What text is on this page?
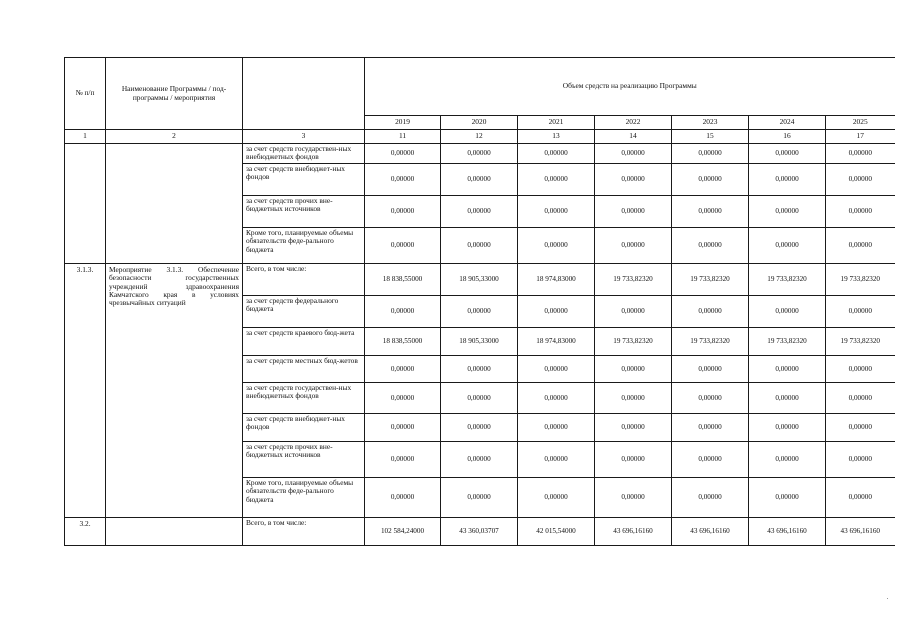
№ п/п	Наименование Программы / под-программы / мероприятия		Объем средств на реализацию Программы						
			2019	2020	2021	2022	2023	2024	2025
1	2	3	11	12	13	14	15	16	17
		за счет средств государствен-ных внебюджетных фондов	0,00000	0,00000	0,00000	0,00000	0,00000	0,00000	0,00000
		за счет средств внебюджет-ных фондов	0,00000	0,00000	0,00000	0,00000	0,00000	0,00000	0,00000
		за счет средств прочих вне-бюджетных источников	0,00000	0,00000	0,00000	0,00000	0,00000	0,00000	0,00000
		Кроме того, планируемые объемы обязательств феде-рального бюджета	0,00000	0,00000	0,00000	0,00000	0,00000	0,00000	0,00000
3.1.3.	Мероприятие 3.1.3. Обеспечение безопасности государственных учреждений здравоохранения Камчатского края в условиях чрезвычайных ситуаций	Всего, в том числе:	18 838,55000	18 905,33000	18 974,83000	19 733,82320	19 733,82320	19 733,82320	19 733,82320
		за счет средств федерального бюджета	0,00000	0,00000	0,00000	0,00000	0,00000	0,00000	0,00000
		за счет средств краевого бюд-жета	18 838,55000	18 905,33000	18 974,83000	19 733,82320	19 733,82320	19 733,82320	19 733,82320
		за счет средств местных бюд-жетов	0,00000	0,00000	0,00000	0,00000	0,00000	0,00000	0,00000
		за счет средств государствен-ных внебюджетных фондов	0,00000	0,00000	0,00000	0,00000	0,00000	0,00000	0,00000
		за счет средств внебюджет-ных фондов	0,00000	0,00000	0,00000	0,00000	0,00000	0,00000	0,00000
		за счет средств прочих вне-бюджетных источников	0,00000	0,00000	0,00000	0,00000	0,00000	0,00000	0,00000
		Кроме того, планируемые объемы обязательств феде-рального бюджета	0,00000	0,00000	0,00000	0,00000	0,00000	0,00000	0,00000
3.2.		Всего, в том числе:	102 584,24000	43 360,03707	42 015,54000	43 696,16160	43 696,16160	43 696,16160	43 696,16160
